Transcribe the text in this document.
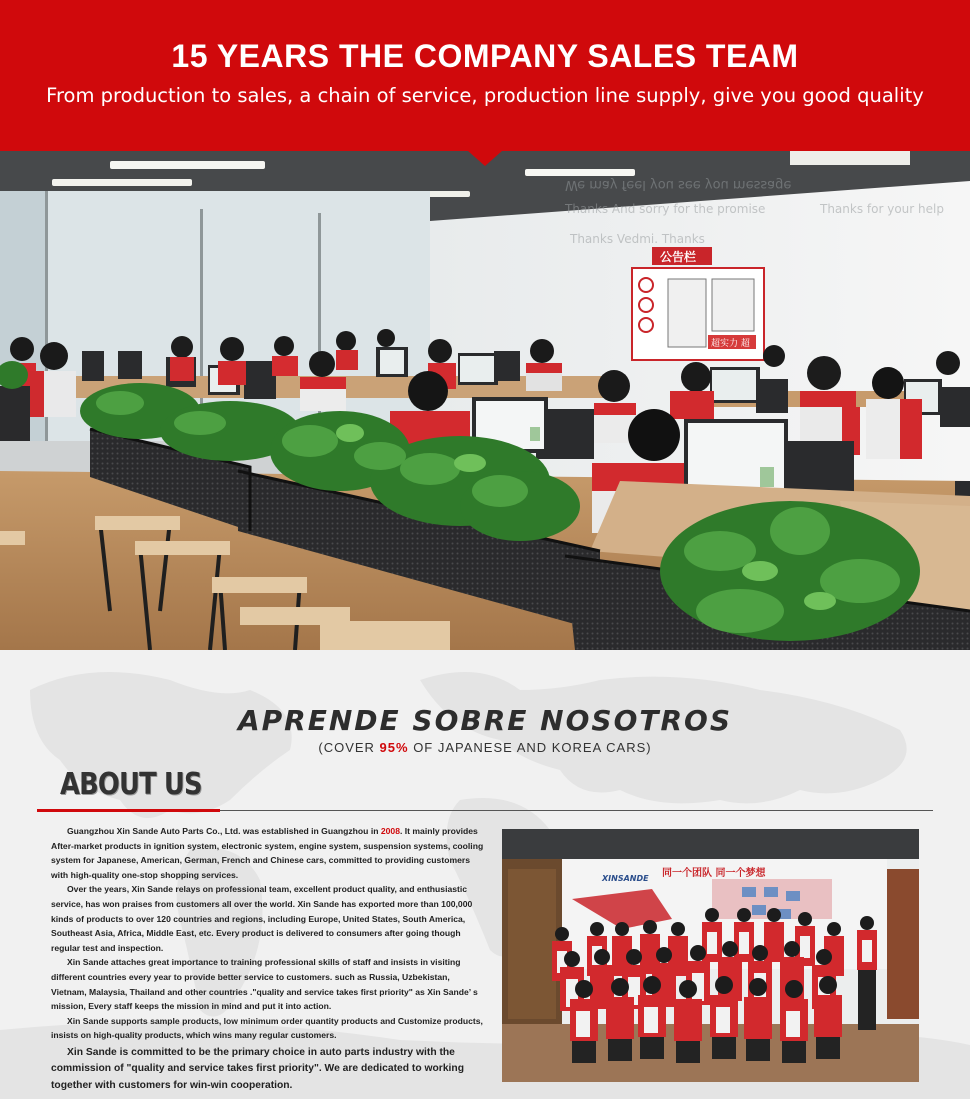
15 YEARS THE COMPANY SALES TEAM
From production to sales, a chain of service, production line supply, give you good quality
We may feel you see you message
Thanks And sorry for the promise
Thanks Vedmi. Thanks
Thanks for your help
公告栏
超实力 超
APRENDE SOBRE NOSOTROS
(COVER 95% OF JAPANESE AND KOREA CARS)
ABOUT US

Guangzhou Xin Sande Auto Parts Co., Ltd. was established in Guangzhou in 2008. It mainly provides After-market products in ignition system, electronic system, engine system, suspension systems, cooling system for Japanese, American, German, French and Chinese cars, committed to providing customers with high-quality one-stop shopping services.

Over the years, Xin Sande relays on professional team, excellent product quality, and enthusiastic service, has won praises from customers all over the world. Xin Sande has exported more than 100,000 kinds of products to over 120 countries and regions, including Europe, United States, South America, Southeast Asia, Africa, Middle East, etc. Every product is delivered to consumers after going though regular test and inspection.

Xin Sande attaches great importance to training professional skills of staff and insists in visiting different countries every year to provide better service to customers. such as Russia, Uzbekistan, Vietnam, Malaysia, Thailand and other countries ."quality and service takes first priority" as Xin Sande’ s mission, Every staff keeps the mission in mind and put it into action.

Xin Sande supports sample products, low minimum order quantity products and Customize products, insists on high-quality products, which wins many regular customers.

Xin Sande is committed to be the primary choice in auto parts industry with the commission of "quality and service takes first priority". We are dedicated to working together with customers for win-win cooperation.

同一个团队 同一个梦想
XINSANDE
